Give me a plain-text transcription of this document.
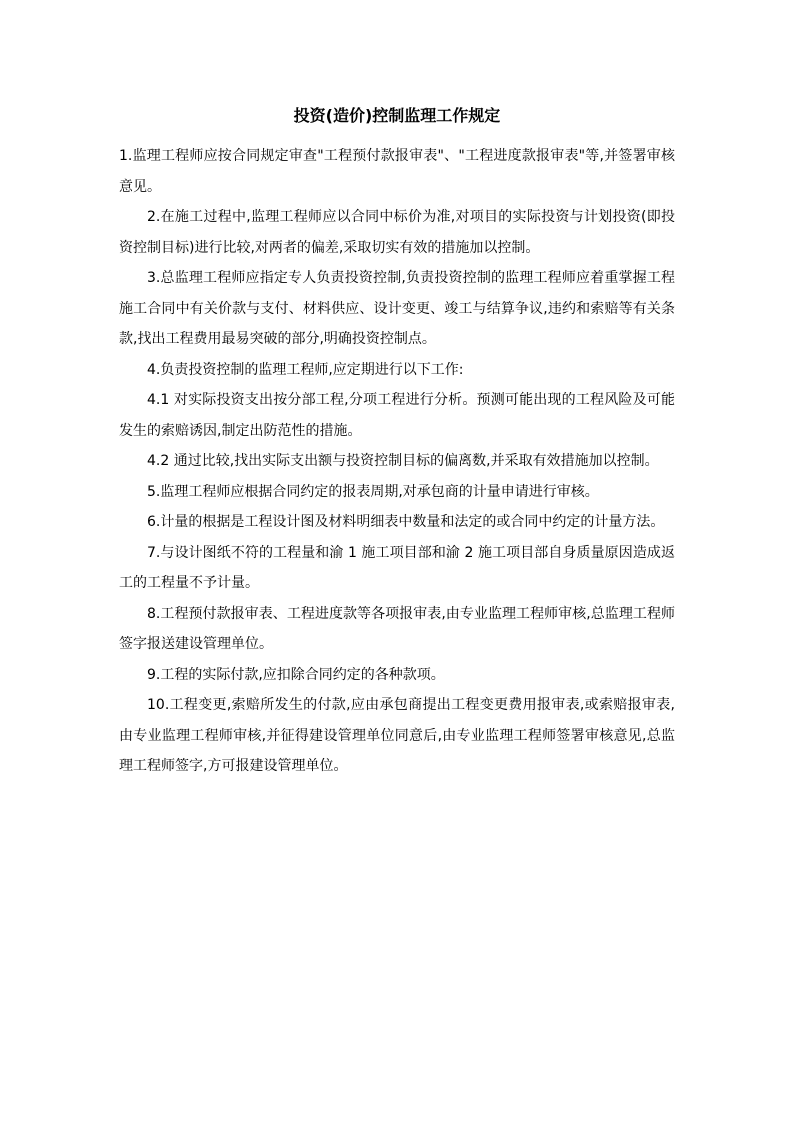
投资(造价)控制监理工作规定

1.监理工程师应按合同规定审查"工程预付款报审表"、"工程进度款报审表"等,并签署审核意见。

2.在施工过程中,监理工程师应以合同中标价为准,对项目的实际投资与计划投资(即投资控制目标)进行比较,对两者的偏差,采取切实有效的措施加以控制。

3.总监理工程师应指定专人负责投资控制,负责投资控制的监理工程师应着重掌握工程施工合同中有关价款与支付、材料供应、设计变更、竣工与结算争议,违约和索赔等有关条款,找出工程费用最易突破的部分,明确投资控制点。

4.负责投资控制的监理工程师,应定期进行以下工作:

4.1 对实际投资支出按分部工程,分项工程进行分析。预测可能出现的工程风险及可能发生的索赔诱因,制定出防范性的措施。

4.2 通过比较,找出实际支出额与投资控制目标的偏离数,并采取有效措施加以控制。

5.监理工程师应根据合同约定的报表周期,对承包商的计量申请进行审核。

6.计量的根据是工程设计图及材料明细表中数量和法定的或合同中约定的计量方法。

7.与设计图纸不符的工程量和渝 1 施工项目部和渝 2 施工项目部自身质量原因造成返工的工程量不予计量。

8.工程预付款报审表、工程进度款等各项报审表,由专业监理工程师审核,总监理工程师签字报送建设管理单位。

9.工程的实际付款,应扣除合同约定的各种款项。

10.工程变更,索赔所发生的付款,应由承包商提出工程变更费用报审表,或索赔报审表,由专业监理工程师审核,并征得建设管理单位同意后,由专业监理工程师签署审核意见,总监理工程师签字,方可报建设管理单位。
